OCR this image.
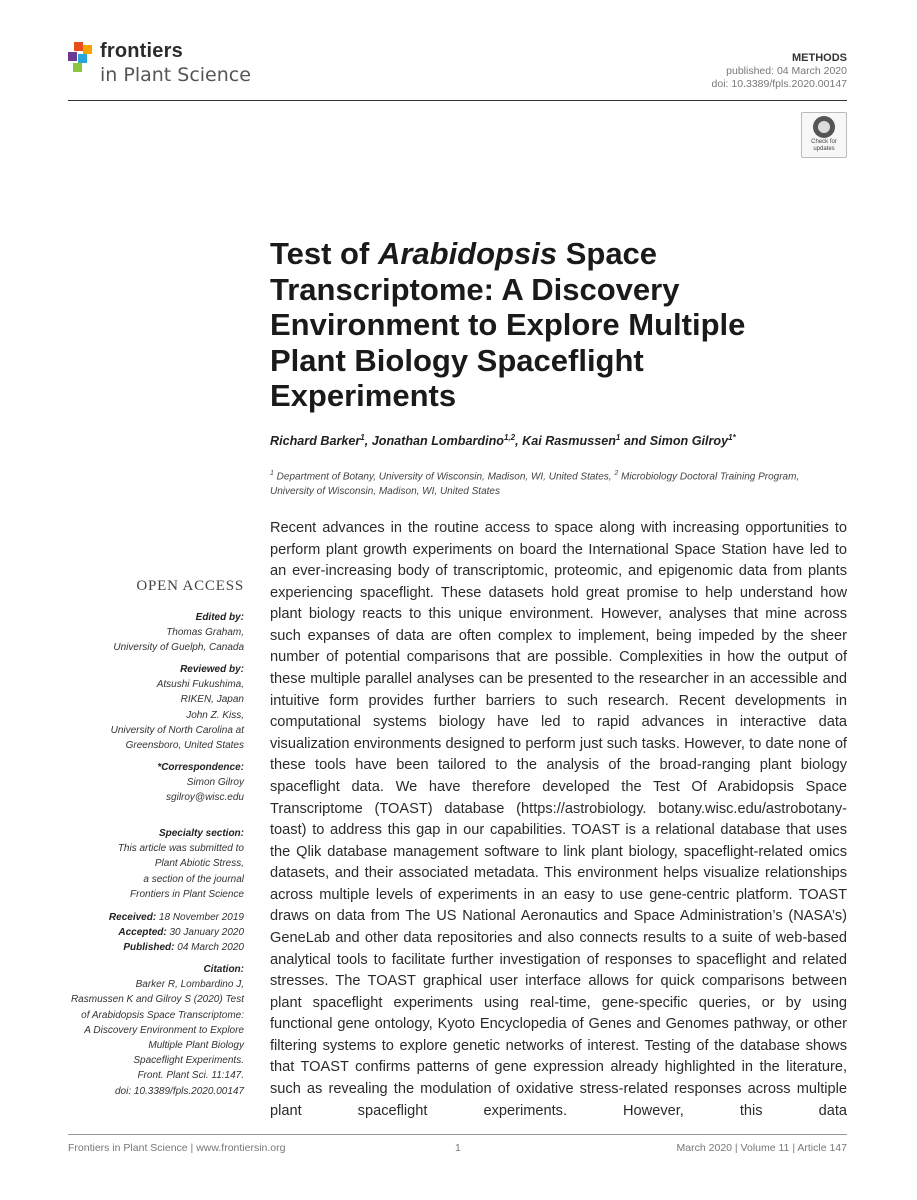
frontiers
in Plant Science
METHODS
published: 04 March 2020
doi: 10.3389/fpls.2020.00147
Check for updates
Test of Arabidopsis Space Transcriptome: A Discovery Environment to Explore Multiple Plant Biology Spaceflight Experiments
Richard Barker$^1$, Jonathan Lombardino$^{1,2}$, Kai Rasmussen$^1$ and Simon Gilroy$^{1*}$
$^1$ Department of Botany, University of Wisconsin, Madison, WI, United States, $^2$ Microbiology Doctoral Training Program, University of Wisconsin, Madison, WI, United States
OPEN ACCESS
Edited by:
Thomas Graham,
University of Guelph, Canada
Reviewed by:
Atsushi Fukushima,
RIKEN, Japan
John Z. Kiss,
University of North Carolina at
Greensboro, United States
*Correspondence:
Simon Gilroy
sgilroy@wisc.edu
Specialty section:
This article was submitted to
Plant Abiotic Stress,
a section of the journal
Frontiers in Plant Science
Received: 18 November 2019
Accepted: 30 January 2020
Published: 04 March 2020
Citation:
Barker R, Lombardino J,
Rasmussen K and Gilroy S (2020) Test
of Arabidopsis Space Transcriptome:
A Discovery Environment to Explore
Multiple Plant Biology
Spaceflight Experiments.
Front. Plant Sci. 11:147.
doi: 10.3389/fpls.2020.00147
Recent advances in the routine access to space along with increasing opportunities to perform plant growth experiments on board the International Space Station have led to an ever-increasing body of transcriptomic, proteomic, and epigenomic data from plants experiencing spaceflight. These datasets hold great promise to help understand how plant biology reacts to this unique environment. However, analyses that mine across such expanses of data are often complex to implement, being impeded by the sheer number of potential comparisons that are possible. Complexities in how the output of these multiple parallel analyses can be presented to the researcher in an accessible and intuitive form provides further barriers to such research. Recent developments in computational systems biology have led to rapid advances in interactive data visualization environments designed to perform just such tasks. However, to date none of these tools have been tailored to the analysis of the broad-ranging plant biology spaceflight data. We have therefore developed the Test Of Arabidopsis Space Transcriptome (TOAST) database (https://astrobiology. botany.wisc.edu/astrobotany-toast) to address this gap in our capabilities. TOAST is a relational database that uses the Qlik database management software to link plant biology, spaceflight-related omics datasets, and their associated metadata. This environment helps visualize relationships across multiple levels of experiments in an easy to use gene-centric platform. TOAST draws on data from The US National Aeronautics and Space Administration’s (NASA’s) GeneLab and other data repositories and also connects results to a suite of web-based analytical tools to facilitate further investigation of responses to spaceflight and related stresses. The TOAST graphical user interface allows for quick comparisons between plant spaceflight experiments using real-time, gene-specific queries, or by using functional gene ontology, Kyoto Encyclopedia of Genes and Genomes pathway, or other filtering systems to explore genetic networks of interest. Testing of the database shows that TOAST confirms patterns of gene expression already highlighted in the literature, such as revealing the modulation of oxidative stress-related responses across multiple plant spaceflight experiments. However, this data
Frontiers in Plant Science | www.frontiersin.org	1	March 2020 | Volume 11 | Article 147
